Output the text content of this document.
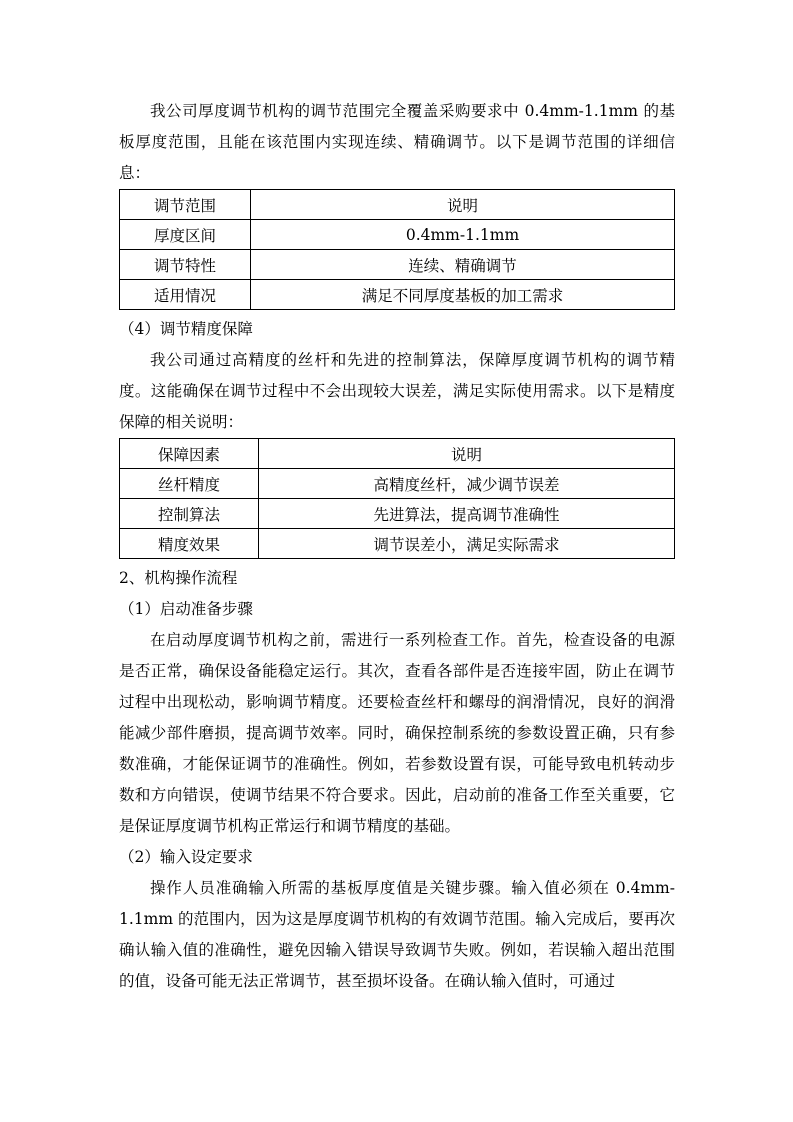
我公司厚度调节机构的调节范围完全覆盖采购要求中 0.4mm-1.1mm 的基板厚度范围，且能在该范围内实现连续、精确调节。以下是调节范围的详细信息：

调节范围	说明
厚度区间	0.4mm-1.1mm
调节特性	连续、精确调节
适用情况	满足不同厚度基板的加工需求

（4）调节精度保障

我公司通过高精度的丝杆和先进的控制算法，保障厚度调节机构的调节精度。这能确保在调节过程中不会出现较大误差，满足实际使用需求。以下是精度保障的相关说明：

保障因素	说明
丝杆精度	高精度丝杆，减少调节误差
控制算法	先进算法，提高调节准确性
精度效果	调节误差小，满足实际需求

2、机构操作流程

（1）启动准备步骤

在启动厚度调节机构之前，需进行一系列检查工作。首先，检查设备的电源是否正常，确保设备能稳定运行。其次，查看各部件是否连接牢固，防止在调节过程中出现松动，影响调节精度。还要检查丝杆和螺母的润滑情况，良好的润滑能减少部件磨损，提高调节效率。同时，确保控制系统的参数设置正确，只有参数准确，才能保证调节的准确性。例如，若参数设置有误，可能导致电机转动步数和方向错误，使调节结果不符合要求。因此，启动前的准备工作至关重要，它是保证厚度调节机构正常运行和调节精度的基础。

（2）输入设定要求

操作人员准确输入所需的基板厚度值是关键步骤。输入值必须在 0.4mm-1.1mm 的范围内，因为这是厚度调节机构的有效调节范围。输入完成后，要再次确认输入值的准确性，避免因输入错误导致调节失败。例如，若误输入超出范围的值，设备可能无法正常调节，甚至损坏设备。在确认输入值时，可通过
